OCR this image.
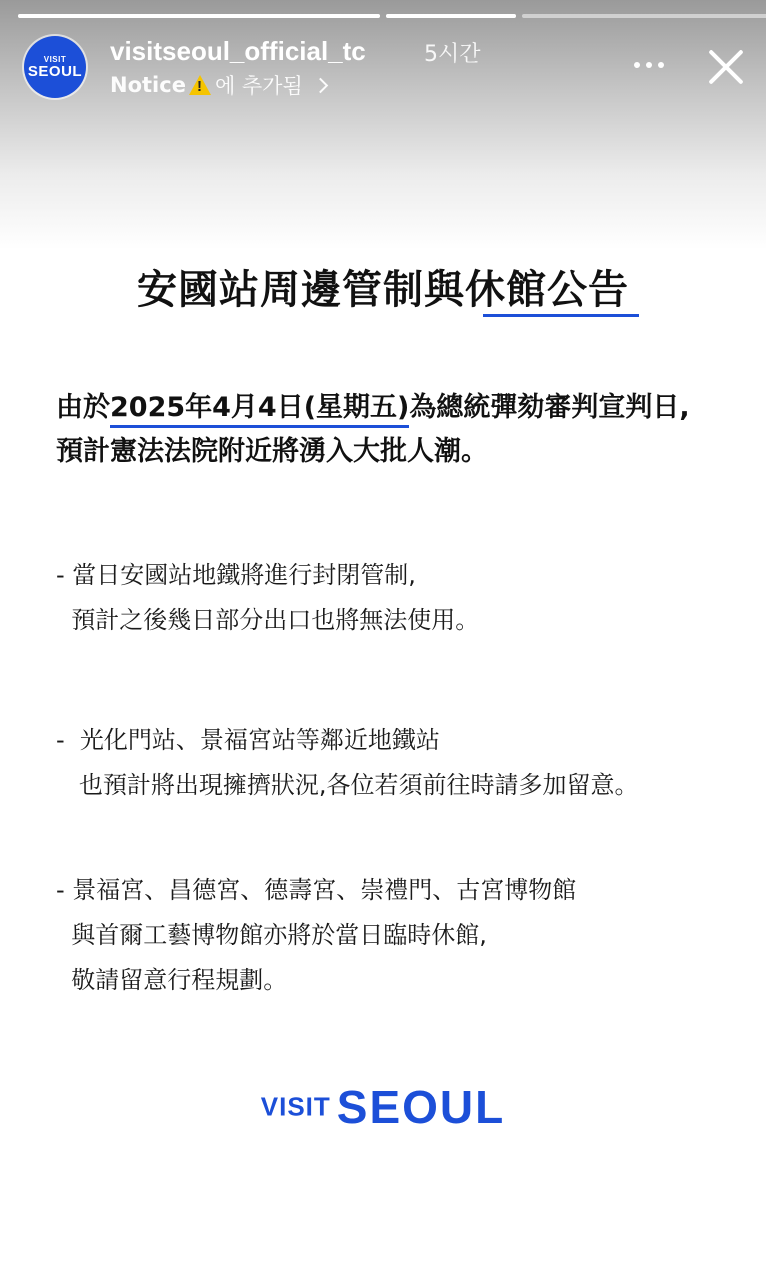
VISIT
SEOUL
visitseoul_official_tc	5시간
Notice
! 에 추가됨
安國站周邊管制與休館公告
由於2025年4月4日(星期五)為總統彈劾審判宣判日,
預計憲法法院附近將湧入大批人潮。
- 當日安國站地鐵將進行封閉管制,
預計之後幾日部分出口也將無法使用。
-  光化門站、景福宮站等鄰近地鐵站
也預計將出現擁擠狀況,各位若須前往時請多加留意。
- 景福宮、昌德宮、德壽宮、崇禮門、古宮博物館
與首爾工藝博物館亦將於當日臨時休館,
敬請留意行程規劃。
VISIT SEOUL
